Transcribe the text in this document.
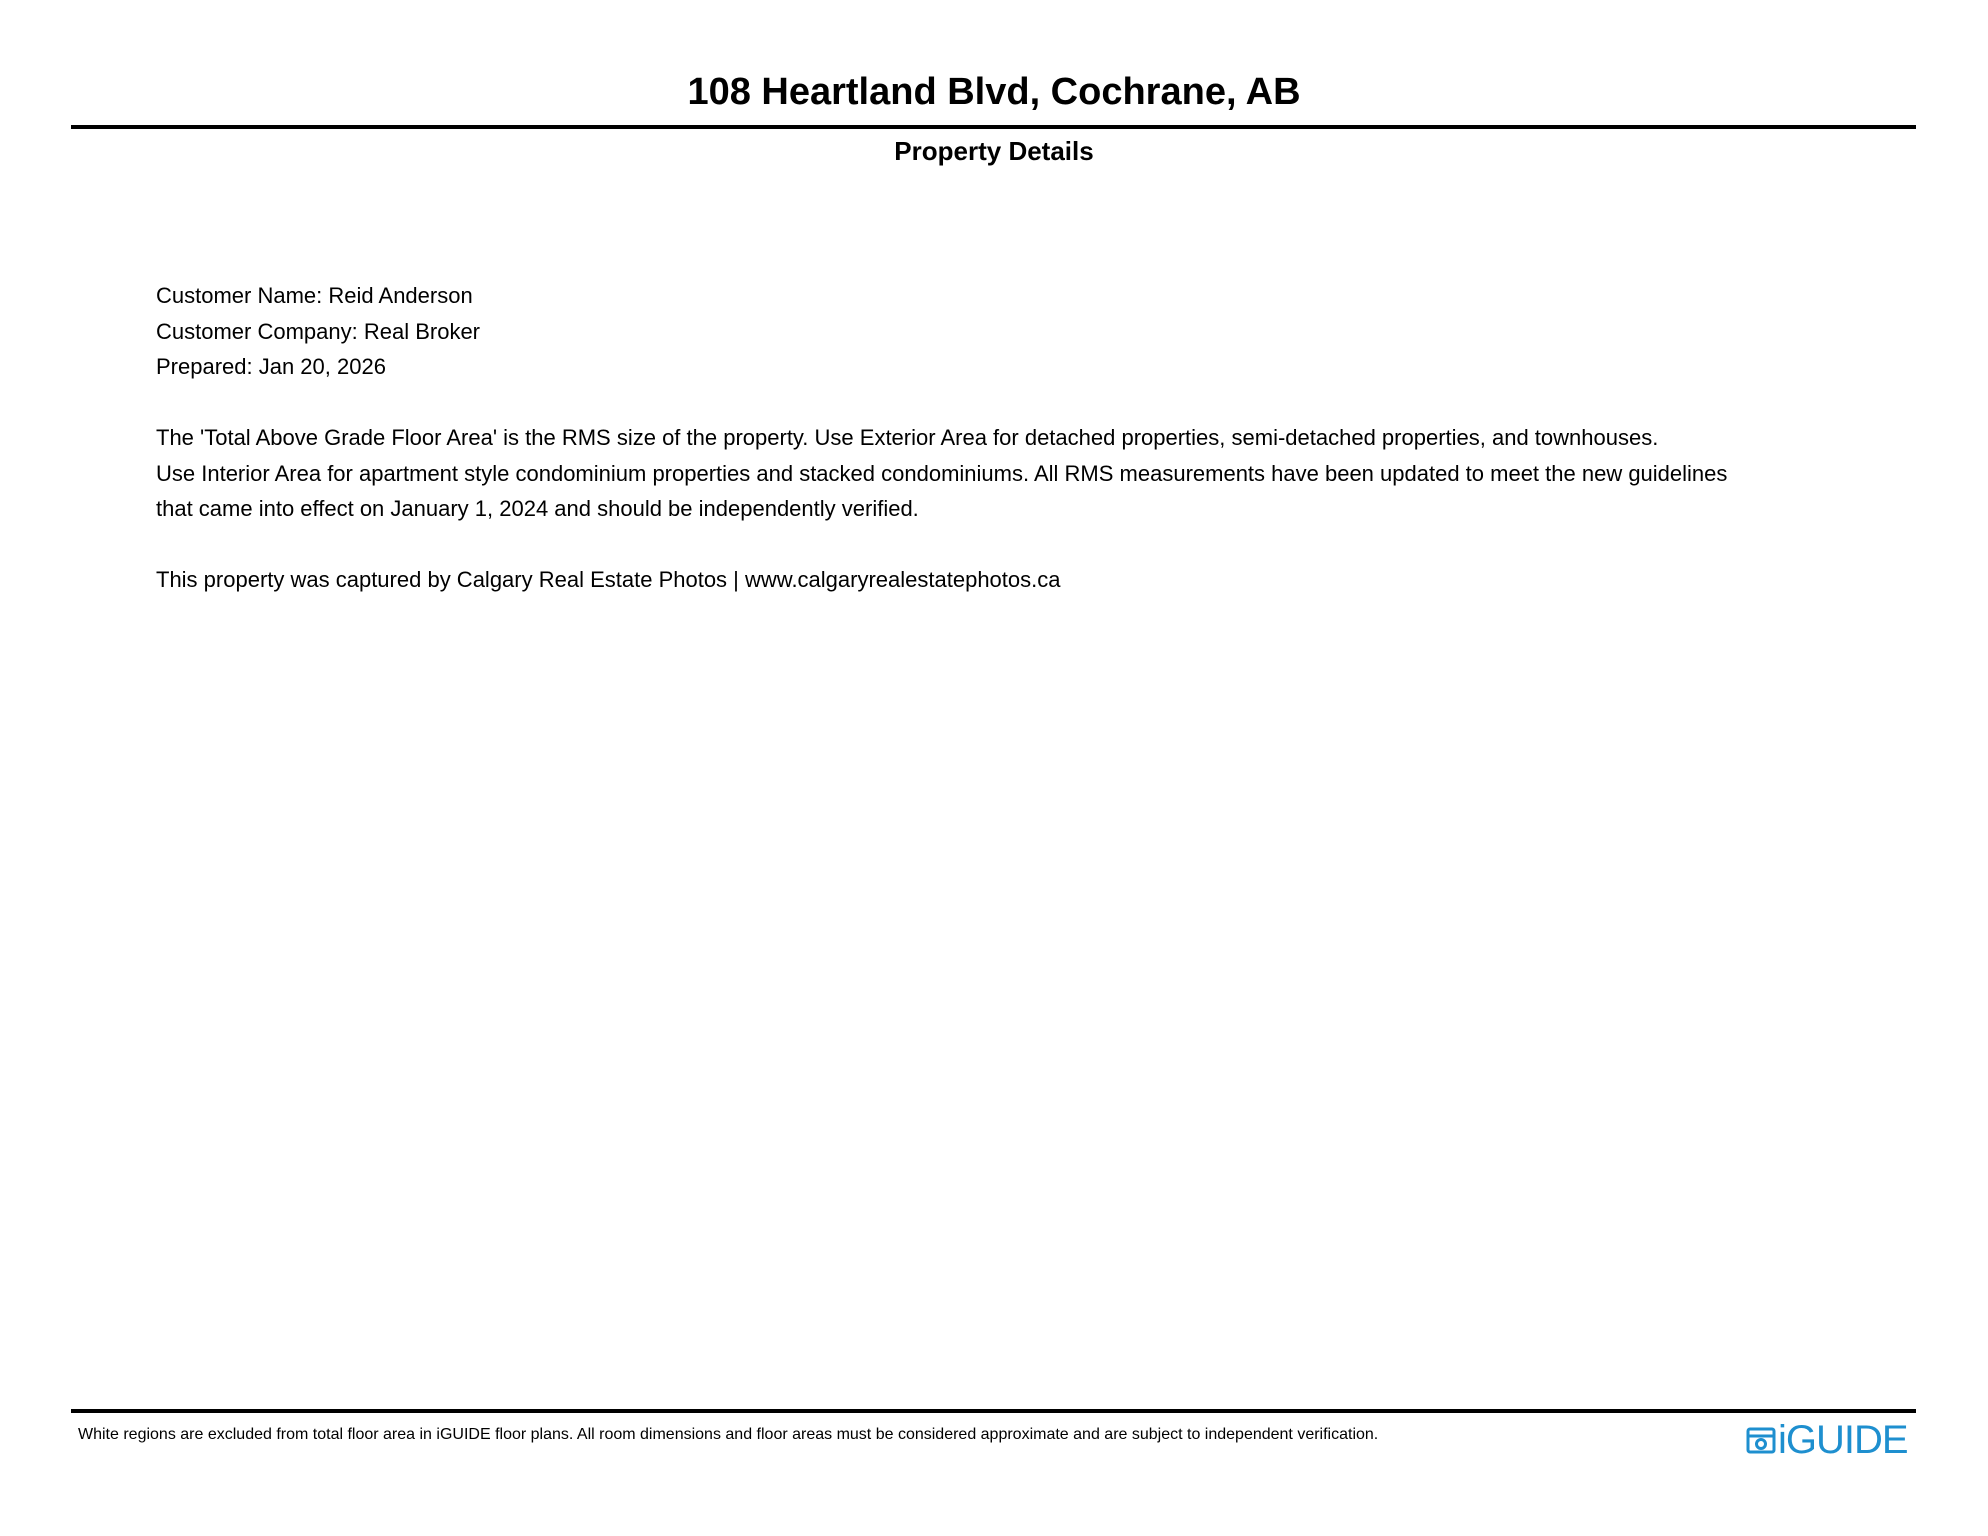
108 Heartland Blvd, Cochrane, AB
Property Details
Customer Name: Reid Anderson
Customer Company: Real Broker
Prepared: Jan 20, 2026
The 'Total Above Grade Floor Area' is the RMS size of the property. Use Exterior Area for detached properties, semi-detached properties, and townhouses.
Use Interior Area for apartment style condominium properties and stacked condominiums. All RMS measurements have been updated to meet the new guidelines
that came into effect on January 1, 2024 and should be independently verified.
This property was captured by Calgary Real Estate Photos | www.calgaryrealestatephotos.ca
White regions are excluded from total floor area in iGUIDE floor plans. All room dimensions and floor areas must be considered approximate and are subject to independent verification.	iGUIDE
